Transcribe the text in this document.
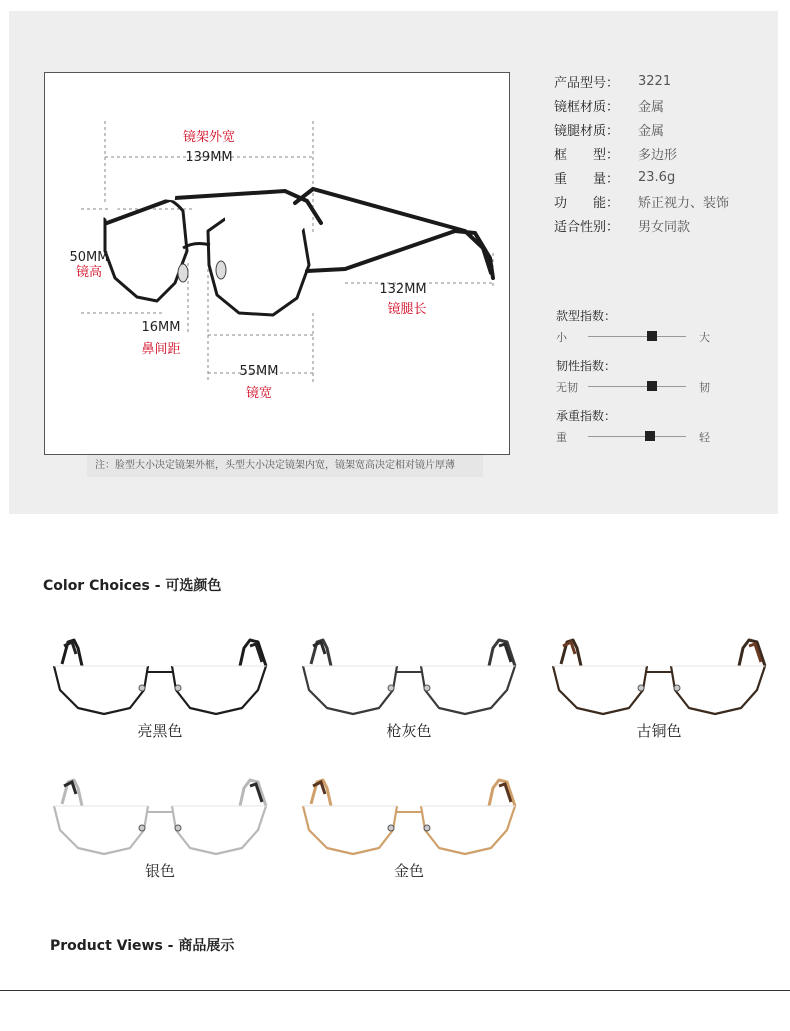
镜架外宽
139MM
50MM
镜高
132MM
镜腿长
16MM
鼻间距
55MM
镜宽
注：脸型大小决定镜架外框，头型大小决定镜架内宽，镜架宽高决定相对镜片厚薄
产品型号：	3221
镜框材质：	金属
镜腿材质：	金属
框　　型：	多边形
重　　量：	23.6g
功　　能：	矫正视力、装饰
适合性别：	男女同款
款型指数：
小	大
韧性指数：
无韧	韧
承重指数：
重	轻
Color Choices - 可选颜色
亮黑色	枪灰色	古铜色
银色	金色
Product Views - 商品展示
